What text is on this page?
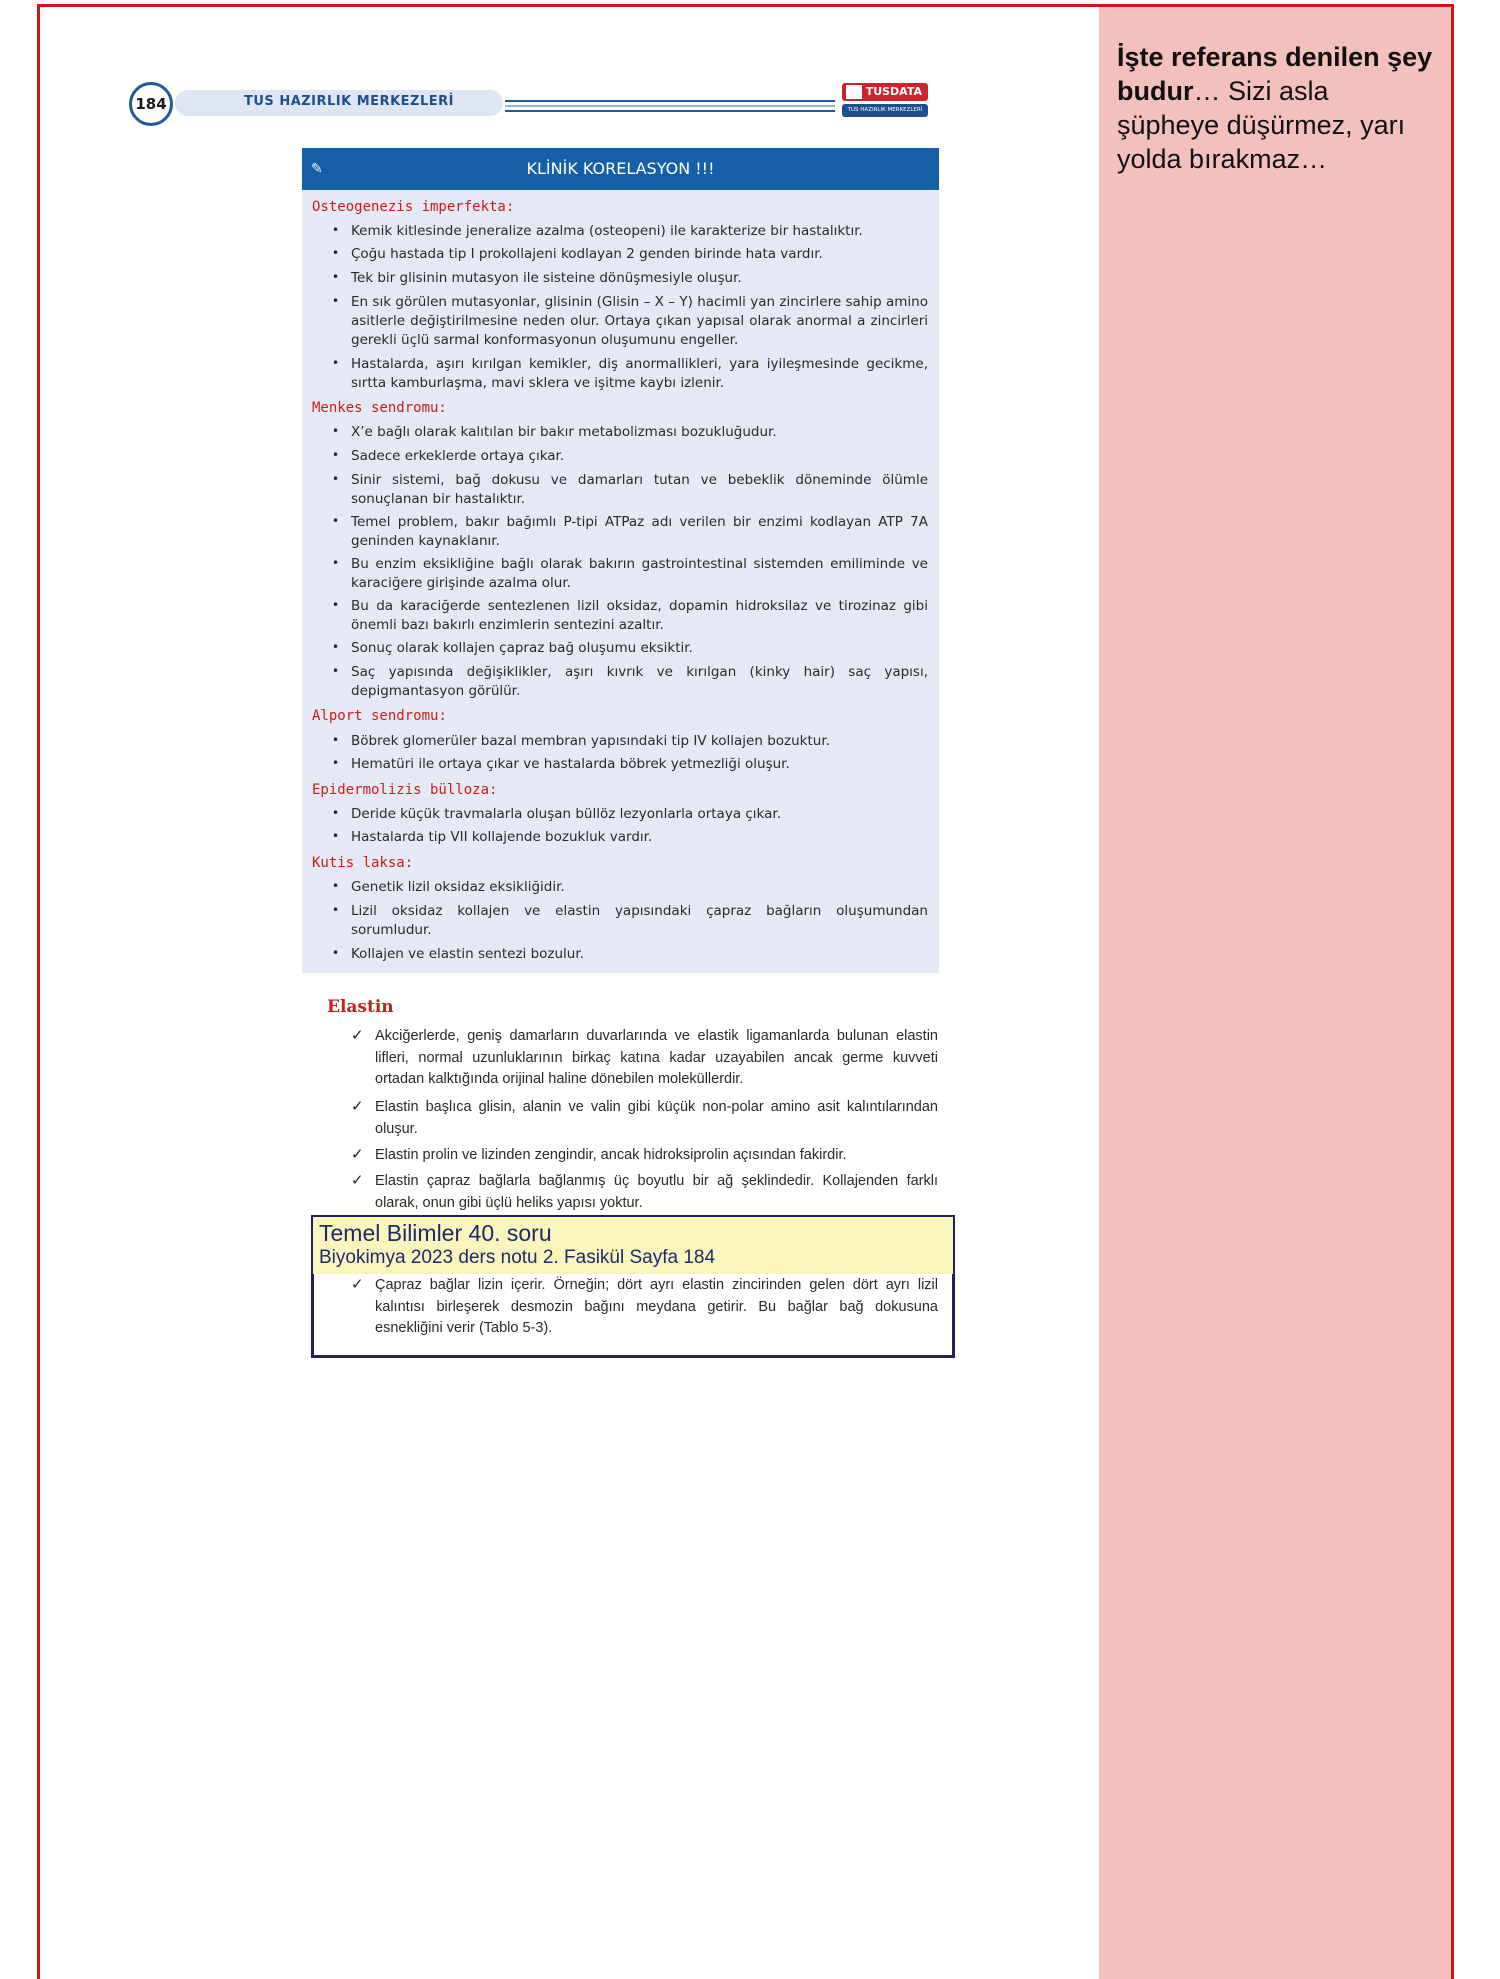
İşte referans denilen şey budur… Sizi asla şüpheye düşürmez, yarı yolda bırakmaz…
184	TUS HAZIRLIK MERKEZLERİ
TUSDATA
TUS HAZIRLIK MERKEZLERİ
✎	KLİNİK KORELASYON !!!
Osteogenezis imperfekta:
• Kemik kitlesinde jeneralize azalma (osteopeni) ile karakterize bir hastalıktır.
• Çoğu hastada tip I prokollajeni kodlayan 2 genden birinde hata vardır.
• Tek bir glisinin mutasyon ile sisteine dönüşmesiyle oluşur.
• En sık görülen mutasyonlar, glisinin (Glisin – X – Y) hacimli yan zincirlere sahip amino asitlerle değiştirilmesine neden olur. Ortaya çıkan yapısal olarak anormal a zincirleri gerekli üçlü sarmal konformasyonun oluşumunu engeller.
• Hastalarda, aşırı kırılgan kemikler, diş anormallikleri, yara iyileşmesinde gecikme, sırtta kamburlaşma, mavi sklera ve işitme kaybı izlenir.
Menkes sendromu:
• X’e bağlı olarak kalıtılan bir bakır metabolizması bozukluğudur.
• Sadece erkeklerde ortaya çıkar.
• Sinir sistemi, bağ dokusu ve damarları tutan ve bebeklik döneminde ölümle sonuçlanan bir hastalıktır.
• Temel problem, bakır bağımlı P-tipi ATPaz adı verilen bir enzimi kodlayan ATP 7A geninden kaynaklanır.
• Bu enzim eksikliğine bağlı olarak bakırın gastrointestinal sistemden emiliminde ve karaciğere girişinde azalma olur.
• Bu da karaciğerde sentezlenen lizil oksidaz, dopamin hidroksilaz ve tirozinaz gibi önemli bazı bakırlı enzimlerin sentezini azaltır.
• Sonuç olarak kollajen çapraz bağ oluşumu eksiktir.
• Saç yapısında değişiklikler, aşırı kıvrık ve kırılgan (kinky hair) saç yapısı, depigmantasyon görülür.
Alport sendromu:
• Böbrek glomerüler bazal membran yapısındaki tip IV kollajen bozuktur.
• Hematüri ile ortaya çıkar ve hastalarda böbrek yetmezliği oluşur.
Epidermolizis bülloza:
• Deride küçük travmalarla oluşan büllöz lezyonlarla ortaya çıkar.
• Hastalarda tip VII kollajende bozukluk vardır.
Kutis laksa:
• Genetik lizil oksidaz eksikliğidir.
• Lizil oksidaz kollajen ve elastin yapısındaki çapraz bağların oluşumundan sorumludur.
• Kollajen ve elastin sentezi bozulur.
Elastin
✓ Akciğerlerde, geniş damarların duvarlarında ve elastik ligamanlarda bulunan elastin lifleri, normal uzunluklarının birkaç katına kadar uzayabilen ancak germe kuvveti ortadan kalktığında orijinal haline dönebilen moleküllerdir.
✓ Elastin başlıca glisin, alanin ve valin gibi küçük non-polar amino asit kalıntılarından oluşur.
✓ Elastin prolin ve lizinden zengindir, ancak hidroksiprolin açısından fakirdir.
✓ Elastin çapraz bağlarla bağlanmış üç boyutlu bir ağ şeklindedir. Kollajenden farklı olarak, onun gibi üçlü heliks yapısı yoktur.
✓ Çapraz bağlar lizin içerir. Örneğin; dört ayrı elastin zincirinden gelen dört ayrı lizil kalıntısı birleşerek desmozin bağını meydana getirir. Bu bağlar bağ dokusuna esnekliğini verir (Tablo 5-3).
Temel Bilimler 40. soru
Biyokimya 2023 ders notu 2. Fasikül Sayfa 184
